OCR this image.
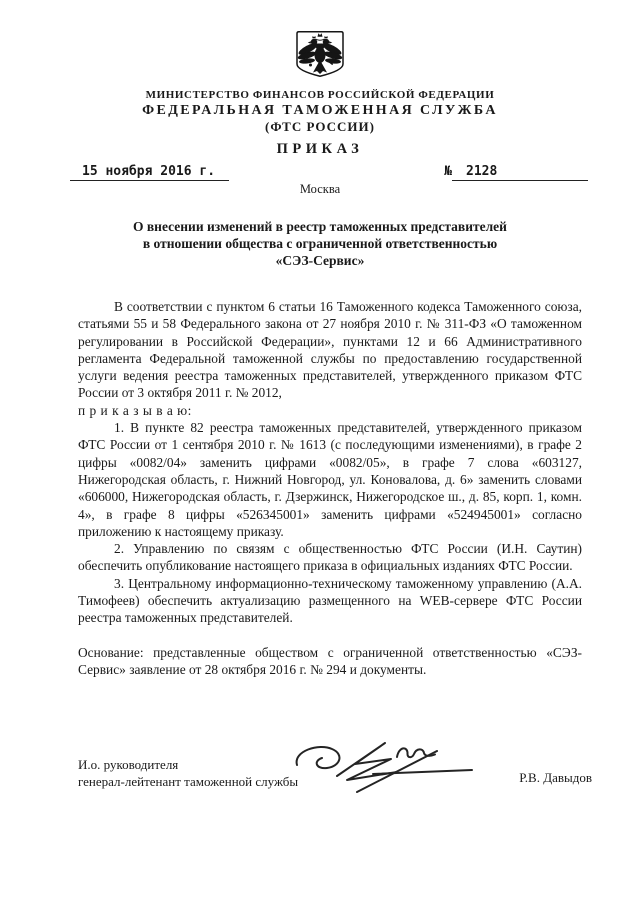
МИНИСТЕРСТВО ФИНАНСОВ РОССИЙСКОЙ ФЕДЕРАЦИИ
ФЕДЕРАЛЬНАЯ ТАМОЖЕННАЯ СЛУЖБА
(ФТС РОССИИ)
ПРИКАЗ
15 ноября 2016 г.	№ 2128
Москва
О внесении изменений в реестр таможенных представителей
в отношении общества с ограниченной ответственностью
«СЭЗ-Сервис»

В соответствии с пунктом 6 статьи 16 Таможенного кодекса Таможенного союза, статьями 55 и 58 Федерального закона от 27 ноября 2010 г. № 311-ФЗ «О таможенном регулировании в Российской Федерации», пунктами 12 и 66 Административного регламента Федеральной таможенной службы по предоставлению государственной услуги ведения реестра таможенных представителей, утвержденного приказом ФТС России от 3 октября 2011 г. № 2012,

п р и к а з ы в а ю:

1. В пункте 82 реестра таможенных представителей, утвержденного приказом ФТС России от 1 сентября 2010 г. № 1613 (с последующими изменениями), в графе 2 цифры «0082/04» заменить цифрами «0082/05», в графе 7 слова «603127, Нижегородская область, г. Нижний Новгород, ул. Коновалова, д. 6» заменить словами «606000, Нижегородская область, г. Дзержинск, Нижегородское ш., д. 85, корп. 1, комн. 4», в графе 8 цифры «526345001» заменить цифрами «524945001» согласно приложению к настоящему приказу.

2. Управлению по связям с общественностью ФТС России (И.Н. Саутин) обеспечить опубликование настоящего приказа в официальных изданиях ФТС России.

3. Центральному информационно-техническому таможенному управлению (А.А. Тимофеев) обеспечить актуализацию размещенного на WEB-сервере ФТС России реестра таможенных представителей.

Основание: представленные обществом с ограниченной ответственностью «СЭЗ-Сервис» заявление от 28 октября 2016 г. № 294 и документы.

И.о. руководителя
генерал-лейтенант таможенной службы	Р.В. Давыдов
